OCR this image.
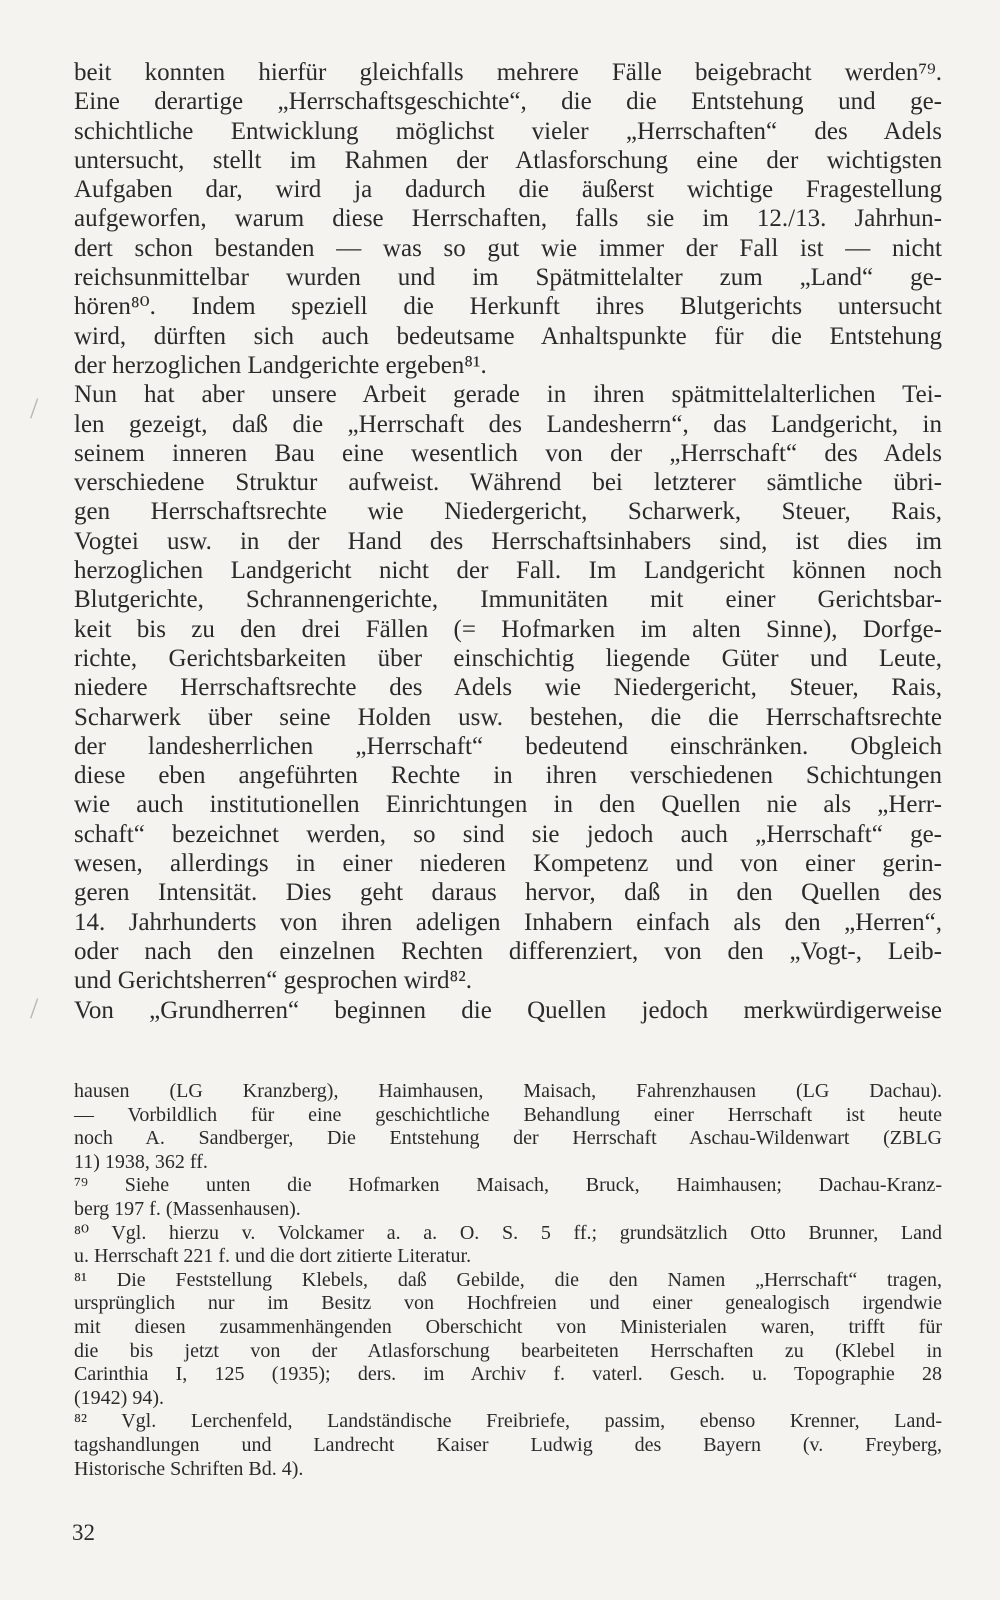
beit konnten hierfür gleichfalls mehrere Fälle beigebracht werden⁷⁹.
Eine derartige „Herrschaftsgeschichte“, die die Entstehung und ge-
schichtliche Entwicklung möglichst vieler „Herrschaften“ des Adels
untersucht, stellt im Rahmen der Atlasforschung eine der wichtigsten
Aufgaben dar, wird ja dadurch die äußerst wichtige Fragestellung
aufgeworfen, warum diese Herrschaften, falls sie im 12./13. Jahrhun-
dert schon bestanden — was so gut wie immer der Fall ist — nicht
reichsunmittelbar wurden und im Spätmittelalter zum „Land“ ge-
hören⁸⁰. Indem speziell die Herkunft ihres Blutgerichts untersucht
wird, dürften sich auch bedeutsame Anhaltspunkte für die Entstehung
der herzoglichen Landgerichte ergeben⁸¹.
Nun hat aber unsere Arbeit gerade in ihren spätmittelalterlichen Tei-
len gezeigt, daß die „Herrschaft des Landesherrn“, das Landgericht, in
seinem inneren Bau eine wesentlich von der „Herrschaft“ des Adels
verschiedene Struktur aufweist. Während bei letzterer sämtliche übri-
gen Herrschaftsrechte wie Niedergericht, Scharwerk, Steuer, Rais,
Vogtei usw. in der Hand des Herrschaftsinhabers sind, ist dies im
herzoglichen Landgericht nicht der Fall. Im Landgericht können noch
Blutgerichte, Schrannengerichte, Immunitäten mit einer Gerichtsbar-
keit bis zu den drei Fällen (= Hofmarken im alten Sinne), Dorfge-
richte, Gerichtsbarkeiten über einschichtig liegende Güter und Leute,
niedere Herrschaftsrechte des Adels wie Niedergericht, Steuer, Rais,
Scharwerk über seine Holden usw. bestehen, die die Herrschaftsrechte
der landesherrlichen „Herrschaft“ bedeutend einschränken. Obgleich
diese eben angeführten Rechte in ihren verschiedenen Schichtungen
wie auch institutionellen Einrichtungen in den Quellen nie als „Herr-
schaft“ bezeichnet werden, so sind sie jedoch auch „Herrschaft“ ge-
wesen, allerdings in einer niederen Kompetenz und von einer gerin-
geren Intensität. Dies geht daraus hervor, daß in den Quellen des
14. Jahrhunderts von ihren adeligen Inhabern einfach als den „Herren“,
oder nach den einzelnen Rechten differenziert, von den „Vogt-, Leib-
und Gerichtsherren“ gesprochen wird⁸².
Von „Grundherren“ beginnen die Quellen jedoch merkwürdigerweise
hausen (LG Kranzberg), Haimhausen, Maisach, Fahrenzhausen (LG Dachau).
— Vorbildlich für eine geschichtliche Behandlung einer Herrschaft ist heute
noch A. Sandberger, Die Entstehung der Herrschaft Aschau-Wildenwart (ZBLG
11) 1938, 362 ff.
⁷⁹ Siehe unten die Hofmarken Maisach, Bruck, Haimhausen; Dachau-Kranz-
berg 197 f. (Massenhausen).
⁸⁰ Vgl. hierzu v. Volckamer a. a. O. S. 5 ff.; grundsätzlich Otto Brunner, Land
u. Herrschaft 221 f. und die dort zitierte Literatur.
⁸¹ Die Feststellung Klebels, daß Gebilde, die den Namen „Herrschaft“ tragen,
ursprünglich nur im Besitz von Hochfreien und einer genealogisch irgendwie
mit diesen zusammenhängenden Oberschicht von Ministerialen waren, trifft für
die bis jetzt von der Atlasforschung bearbeiteten Herrschaften zu (Klebel in
Carinthia I, 125 (1935); ders. im Archiv f. vaterl. Gesch. u. Topographie 28
(1942) 94).
⁸² Vgl. Lerchenfeld, Landständische Freibriefe, passim, ebenso Krenner, Land-
tagshandlungen und Landrecht Kaiser Ludwig des Bayern (v. Freyberg,
Historische Schriften Bd. 4).
32
/
/
